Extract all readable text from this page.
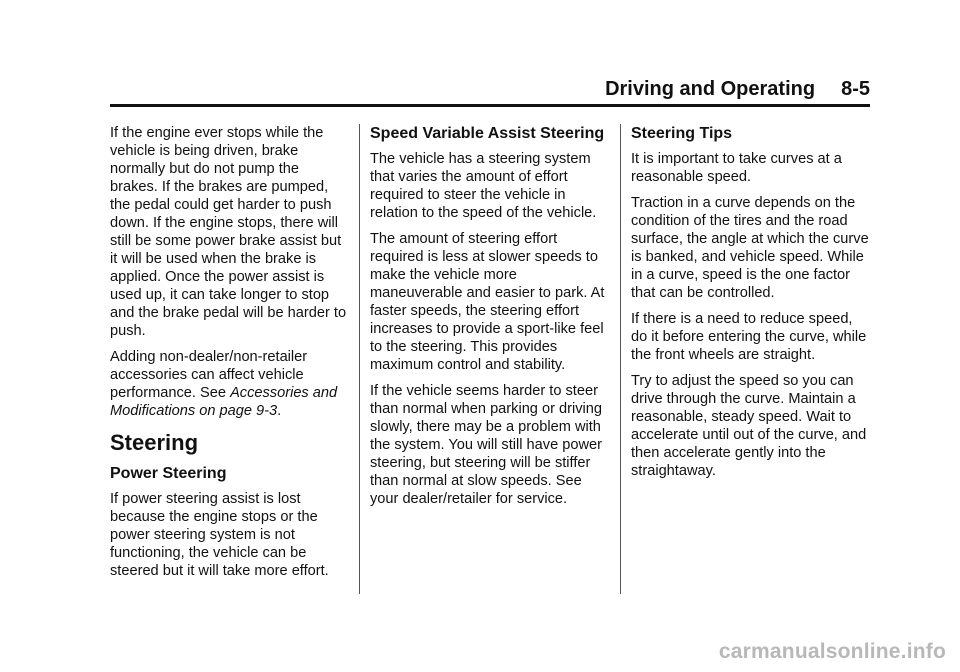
Driving and Operating 8-5

If the engine ever stops while the vehicle is being driven, brake normally but do not pump the brakes. If the brakes are pumped, the pedal could get harder to push down. If the engine stops, there will still be some power brake assist but it will be used when the brake is applied. Once the power assist is used up, it can take longer to stop and the brake pedal will be harder to push.

Adding non-dealer/non-retailer accessories can affect vehicle performance. See Accessories and Modifications on page 9-3.

Steering
Power Steering

If power steering assist is lost because the engine stops or the power steering system is not functioning, the vehicle can be steered but it will take more effort.

Speed Variable Assist Steering

The vehicle has a steering system that varies the amount of effort required to steer the vehicle in relation to the speed of the vehicle.

The amount of steering effort required is less at slower speeds to make the vehicle more maneuverable and easier to park. At faster speeds, the steering effort increases to provide a sport-like feel to the steering. This provides maximum control and stability.

If the vehicle seems harder to steer than normal when parking or driving slowly, there may be a problem with the system. You will still have power steering, but steering will be stiffer than normal at slow speeds. See your dealer/retailer for service.

Steering Tips

It is important to take curves at a reasonable speed.

Traction in a curve depends on the condition of the tires and the road surface, the angle at which the curve is banked, and vehicle speed. While in a curve, speed is the one factor that can be controlled.

If there is a need to reduce speed, do it before entering the curve, while the front wheels are straight.

Try to adjust the speed so you can drive through the curve. Maintain a reasonable, steady speed. Wait to accelerate until out of the curve, and then accelerate gently into the straightaway.

carmanualsonline.info
